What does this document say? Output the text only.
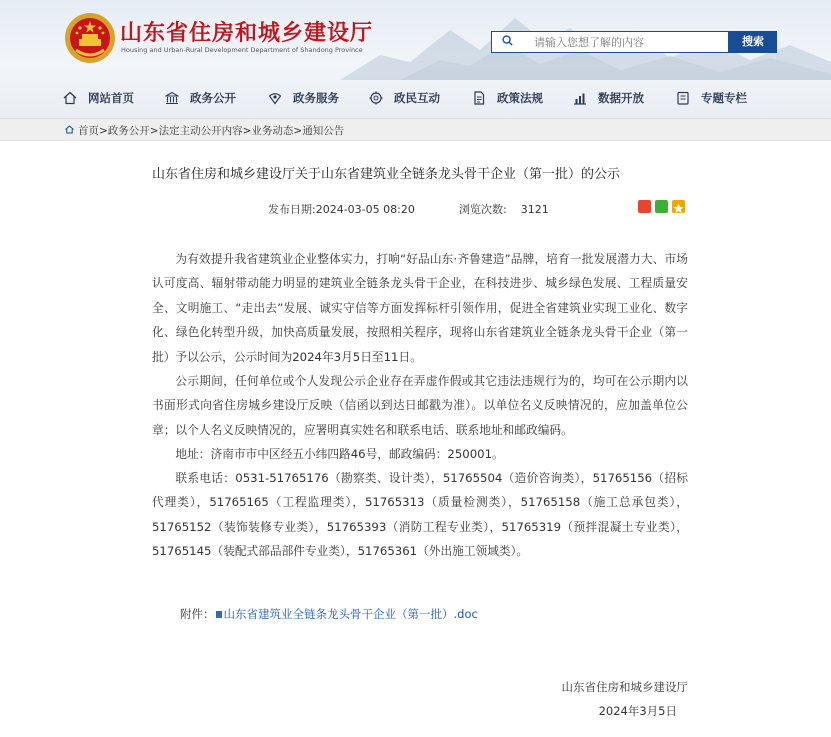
山东省住房和城乡建设厅
Housing and Urban-Rural Development Department of Shandong Province
请输入您想了解的内容
搜索
网站首页	政务公开	政务服务	政民互动	政策法规	数据开放	专题专栏
首页>政务公开>法定主动公开内容>业务动态>通知公告
山东省住房和城乡建设厅关于山东省建筑业全链条龙头骨干企业（第一批）的公示
发布日期:2024-03-05 08:20	浏览次数: 3121

为有效提升我省建筑业企业整体实力，打响“好品山东·齐鲁建造”品牌，培育一批发展潜力大、市场认可度高、辐射带动能力明显的建筑业全链条龙头骨干企业，在科技进步、城乡绿色发展、工程质量安全、文明施工、“走出去”发展、诚实守信等方面发挥标杆引领作用，促进全省建筑业实现工业化、数字化、绿色化转型升级，加快高质量发展，按照相关程序，现将山东省建筑业全链条龙头骨干企业（第一批）予以公示，公示时间为2024年3月5日至11日。

公示期间，任何单位或个人发现公示企业存在弄虚作假或其它违法违规行为的，均可在公示期内以书面形式向省住房城乡建设厅反映（信函以到达日邮戳为准）。以单位名义反映情况的，应加盖单位公章；以个人名义反映情况的，应署明真实姓名和联系电话、联系地址和邮政编码。

地址：济南市市中区经五小纬四路46号，邮政编码：250001。

联系电话：0531-51765176（勘察类、设计类），51765504（造价咨询类），51765156（招标代理类），51765165（工程监理类），51765313（质量检测类），51765158（施工总承包类），51765152（装饰装修专业类），51765393（消防工程专业类），51765319（预拌混凝土专业类），51765145（装配式部品部件专业类），51765361（外出施工领域类）。

附件： 山东省建筑业全链条龙头骨干企业（第一批）.doc
山东省住房和城乡建设厅
2024年3月5日
